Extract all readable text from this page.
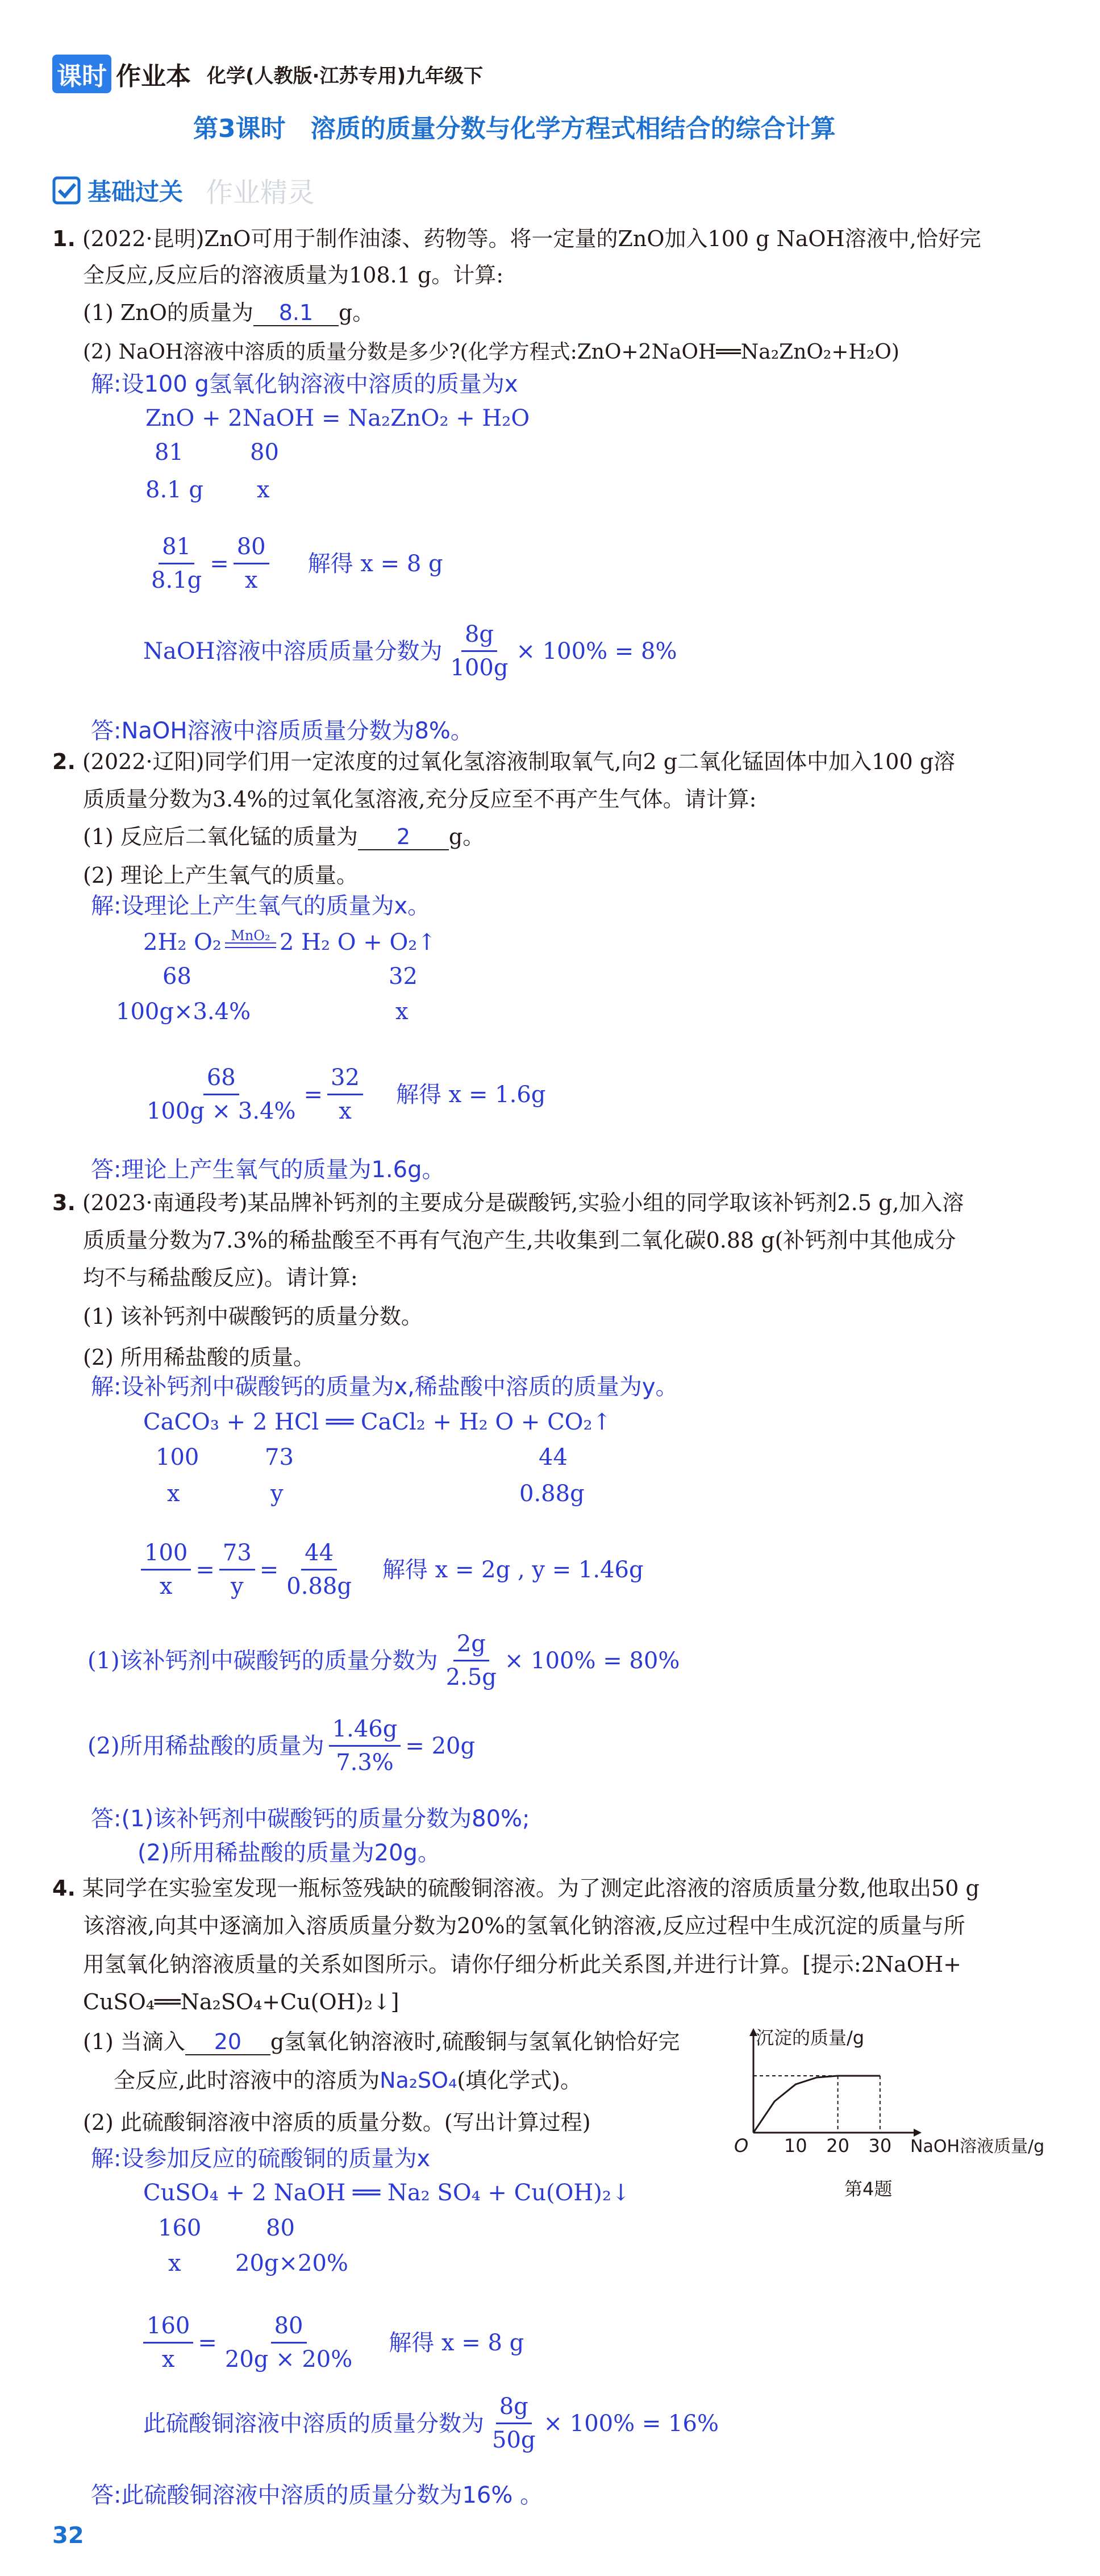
课时 作业本 化学(人教版·江苏专用)九年级下
第3课时　溶质的质量分数与化学方程式相结合的综合计算
基础过关 作业精灵
1. (2022·昆明)ZnO可用于制作油漆、药物等。将一定量的ZnO加入100 g NaOH溶液中,恰好完
全反应,反应后的溶液质量为108.1 g。计算:
(1) ZnO的质量为 8.1 g。
(2) NaOH溶液中溶质的质量分数是多少?(化学方程式:ZnO+2NaOH══Na₂ZnO₂+H₂O)
解:设100 g氢氧化钠溶液中溶质的质量为x
ZnO + 2NaOH = Na₂ZnO₂ + H₂O
81	80
8.1 g x
$\frac{81}{8.1g} = \frac{80}{x}$ 解得 x = 8 g
NaOH溶液中溶质质量分数为 $\frac{8g}{100g} \times 100\% = 8\%$
答:NaOH溶液中溶质质量分数为8%。
2. (2022·辽阳)同学们用一定浓度的过氧化氢溶液制取氧气,向2 g二氧化锰固体中加入100 g溶
质质量分数为3.4%的过氧化氢溶液,充分反应至不再产生气体。请计算:
(1) 反应后二氧化锰的质量为 2 g。
(2) 理论上产生氧气的质量。
解:设理论上产生氧气的质量为x。
2H₂ O₂ MnO₂ 2 H₂ O + O₂↑
68	32
100g×3.4%	x
$\frac{68}{100g \times 3.4\%} = \frac{32}{x}$ 解得 x = 1.6g
答:理论上产生氧气的质量为1.6g。
3. (2023·南通段考)某品牌补钙剂的主要成分是碳酸钙,实验小组的同学取该补钙剂2.5 g,加入溶
质质量分数为7.3%的稀盐酸至不再有气泡产生,共收集到二氧化碳0.88 g(补钙剂中其他成分
均不与稀盐酸反应)。请计算:
(1) 该补钙剂中碳酸钙的质量分数。
(2) 所用稀盐酸的质量。
解:设补钙剂中碳酸钙的质量为x,稀盐酸中溶质的质量为y。
CaCO₃ + 2 HCl ══ CaCl₂ + H₂ O + CO₂↑
100	73	44
x	y	0.88g
$\frac{100}{x} = \frac{73}{y} = \frac{44}{0.88g}$ 解得 x = 2g , y = 1.46g
(1)该补钙剂中碳酸钙的质量分数为 $\frac{2g}{2.5g} \times 100\% = 80\%$
(2)所用稀盐酸的质量为 $\frac{1.46g}{7.3\%} = 20g$
答:(1)该补钙剂中碳酸钙的质量分数为80%;
(2)所用稀盐酸的质量为20g。
4. 某同学在实验室发现一瓶标签残缺的硫酸铜溶液。为了测定此溶液的溶质质量分数,他取出50 g
该溶液,向其中逐滴加入溶质质量分数为20%的氢氧化钠溶液,反应过程中生成沉淀的质量与所
用氢氧化钠溶液质量的关系如图所示。请你仔细分析此关系图,并进行计算。[提示:2NaOH+
CuSO₄══Na₂SO₄+Cu(OH)₂↓]
(1) 当滴入 20 g氢氧化钠溶液时,硫酸铜与氢氧化钠恰好完
全反应,此时溶液中的溶质为Na₂SO₄(填化学式)。
(2) 此硫酸铜溶液中溶质的质量分数。(写出计算过程)
沉淀的质量/g
NaOH溶液质量/g
O
第4题
10 20 30
解:设参加反应的硫酸铜的质量为x
CuSO₄ + 2 NaOH ══ Na₂ SO₄ + Cu(OH)₂↓
160	80
x 20g×20%
$\frac{160}{x} = \frac{80}{20g \times 20\%}$ 解得 x = 8 g
此硫酸铜溶液中溶质的质量分数为 $\frac{8g}{50g} \times 100\% = 16\%$
答:此硫酸铜溶液中溶质的质量分数为16% 。
32
